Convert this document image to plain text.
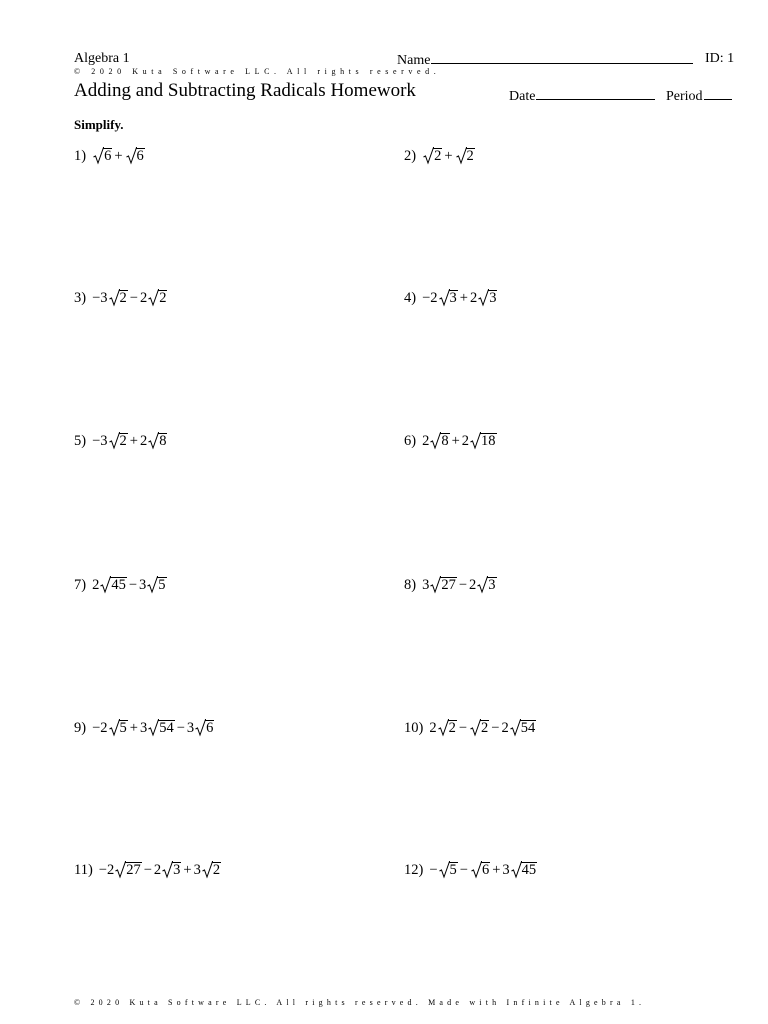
Algebra 1	Name	ID: 1
© 2020 Kuta Software LLC. All rights reserved.
Adding and Subtracting Radicals Homework	Date	Period
Simplify.
1) 6 + 6	2) 2 + 2
3) −3 2 − 2 2	4) −2 3 + 2 3
5) −3 2 + 2 8	6) 2 8 + 2 18
7) 2 45 − 3 5	8) 3 27 − 2 3
9) −2 5 + 3 54 − 3 6	10) 2 2 − 2 − 2 54
11) −2 27 − 2 3 + 3 2	12) − 5 − 6 + 3 45
© 2020 Kuta Software LLC. All rights reserved. Made with Infinite Algebra 1.
